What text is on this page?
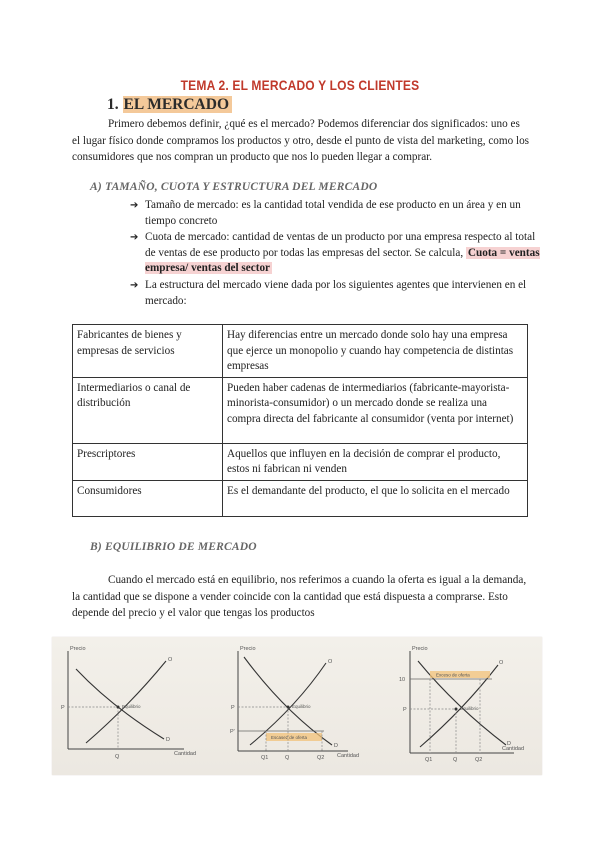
TEMA 2. EL MERCADO Y LOS CLIENTES
1. EL MERCADO
Primero debemos definir, ¿qué es el mercado? Podemos diferenciar dos significados: uno es el lugar físico donde compramos los productos y otro, desde el punto de vista del marketing, como los consumidores que nos compran un producto que nos lo pueden llegar a comprar.
A) TAMAÑO, CUOTA Y ESTRUCTURA DEL MERCADO
➔ Tamaño de mercado: es la cantidad total vendida de ese producto en un área y en un tiempo concreto
➔ Cuota de mercado: cantidad de ventas de un producto por una empresa respecto al total de ventas de ese producto por todas las empresas del sector. Se calcula, Cuota = ventas empresa/ ventas del sector
➔ La estructura del mercado viene dada por los siguientes agentes que intervienen en el mercado:
Fabricantes de bienes y empresas de servicios	Hay diferencias entre un mercado donde solo hay una empresa que ejerce un monopolio y cuando hay competencia de distintas empresas
Intermediarios o canal de distribución	Pueden haber cadenas de intermediarios (fabricante-mayorista-minorista-consumidor) o un mercado donde se realiza una compra directa del fabricante al consumidor (venta por internet)
Prescriptores	Aquellos que influyen en la decisión de comprar el producto, estos ni fabrican ni venden
Consumidores	Es el demandante del producto, el que lo solicita en el mercado
B) EQUILIBRIO DE MERCADO
Cuando el mercado está en equilibrio, nos referimos a cuando la oferta es igual a la demanda, la cantidad que se dispone a vender coincide con la cantidad que está dispuesta a comprarse. Esto depende del precio y el valor que tengas los productos
Precio
Cantidad
O
D
P
Q
Equilibrio
Precio
Cantidad
O
D
Escasez de oferta
Equilibrio
P
P'
Q1	Q	Q2
Precio
Cantidad
O
D
Exceso de oferta
Equilibrio
10
P
Q1	Q	Q2
